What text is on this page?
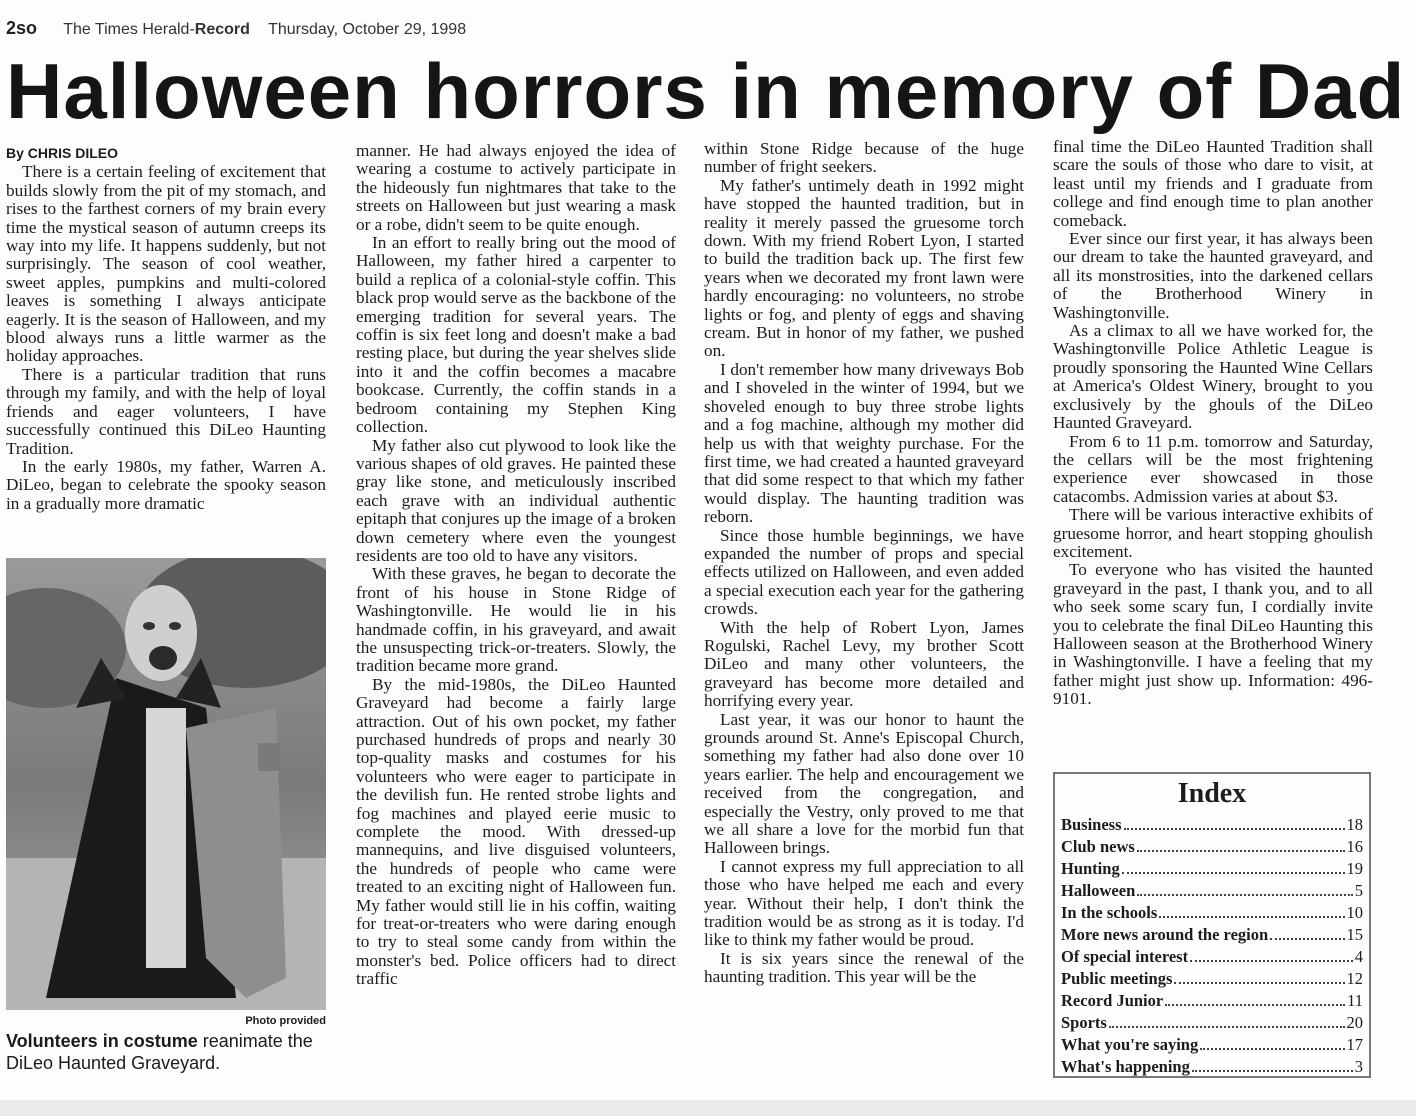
2so The Times Herald-Record Thursday, October 29, 1998
Halloween horrors in memory of Dad
By CHRIS DILEO

There is a certain feeling of excitement that builds slowly from the pit of my stomach, and rises to the farthest corners of my brain every time the mystical season of autumn creeps its way into my life. It happens suddenly, but not surprisingly. The season of cool weather, sweet apples, pumpkins and multi-colored leaves is something I always anticipate eagerly. It is the season of Halloween, and my blood always runs a little warmer as the holiday approaches.

There is a particular tradition that runs through my family, and with the help of loyal friends and eager volunteers, I have successfully continued this DiLeo Haunting Tradition.

In the early 1980s, my father, Warren A. DiLeo, began to celebrate the spooky season in a gradually more dramatic

Photo provided
Volunteers in costume reanimate the DiLeo Haunted Graveyard.

manner. He had always enjoyed the idea of wearing a costume to actively participate in the hideously fun nightmares that take to the streets on Halloween but just wearing a mask or a robe, didn't seem to be quite enough.

In an effort to really bring out the mood of Halloween, my father hired a carpenter to build a replica of a colonial-style coffin. This black prop would serve as the backbone of the emerging tradition for several years. The coffin is six feet long and doesn't make a bad resting place, but during the year shelves slide into it and the coffin becomes a macabre bookcase. Currently, the coffin stands in a bedroom containing my Stephen King collection.

My father also cut plywood to look like the various shapes of old graves. He painted these gray like stone, and meticulously inscribed each grave with an individual authentic epitaph that conjures up the image of a broken down cemetery where even the youngest residents are too old to have any visitors.

With these graves, he began to decorate the front of his house in Stone Ridge of Washingtonville. He would lie in his handmade coffin, in his graveyard, and await the unsuspecting trick-or-treaters. Slowly, the tradition became more grand.

By the mid-1980s, the DiLeo Haunted Graveyard had become a fairly large attraction. Out of his own pocket, my father purchased hundreds of props and nearly 30 top-quality masks and costumes for his volunteers who were eager to participate in the devilish fun. He rented strobe lights and fog machines and played eerie music to complete the mood. With dressed-up mannequins, and live disguised volunteers, the hundreds of people who came were treated to an exciting night of Halloween fun. My father would still lie in his coffin, waiting for treat-or-treaters who were daring enough to try to steal some candy from within the monster's bed. Police officers had to direct traffic

within Stone Ridge because of the huge number of fright seekers.

My father's untimely death in 1992 might have stopped the haunted tradition, but in reality it merely passed the gruesome torch down. With my friend Robert Lyon, I started to build the tradition back up. The first few years when we decorated my front lawn were hardly encouraging: no volunteers, no strobe lights or fog, and plenty of eggs and shaving cream. But in honor of my father, we pushed on.

I don't remember how many driveways Bob and I shoveled in the winter of 1994, but we shoveled enough to buy three strobe lights and a fog machine, although my mother did help us with that weighty purchase. For the first time, we had created a haunted graveyard that did some respect to that which my father would display. The haunting tradition was reborn.

Since those humble beginnings, we have expanded the number of props and special effects utilized on Halloween, and even added a special execution each year for the gathering crowds.

With the help of Robert Lyon, James Rogulski, Rachel Levy, my brother Scott DiLeo and many other volunteers, the graveyard has become more detailed and horrifying every year.

Last year, it was our honor to haunt the grounds around St. Anne's Episcopal Church, something my father had also done over 10 years earlier. The help and encouragement we received from the congregation, and especially the Vestry, only proved to me that we all share a love for the morbid fun that Halloween brings.

I cannot express my full appreciation to all those who have helped me each and every year. Without their help, I don't think the tradition would be as strong as it is today. I'd like to think my father would be proud.

It is six years since the renewal of the haunting tradition. This year will be the

final time the DiLeo Haunted Tradition shall scare the souls of those who dare to visit, at least until my friends and I graduate from college and find enough time to plan another comeback.

Ever since our first year, it has always been our dream to take the haunted graveyard, and all its monstrosities, into the darkened cellars of the Brotherhood Winery in Washingtonville.

As a climax to all we have worked for, the Washingtonville Police Athletic League is proudly sponsoring the Haunted Wine Cellars at America's Oldest Winery, brought to you exclusively by the ghouls of the DiLeo Haunted Graveyard.

From 6 to 11 p.m. tomorrow and Saturday, the cellars will be the most frightening experience ever showcased in those catacombs. Admission varies at about $3.

There will be various interactive exhibits of gruesome horror, and heart stopping ghoulish excitement.

To everyone who has visited the haunted graveyard in the past, I thank you, and to all who seek some scary fun, I cordially invite you to celebrate the final DiLeo Haunting this Halloween season at the Brotherhood Winery in Washingtonville. I have a feeling that my father might just show up. Information: 496-9101.

Index
Business	18
Club news	16
Hunting	19
Halloween	5
In the schools	10
More news around the region	15
Of special interest	4
Public meetings	12
Record Junior	11
Sports	20
What you're saying	17
What's happening	3
